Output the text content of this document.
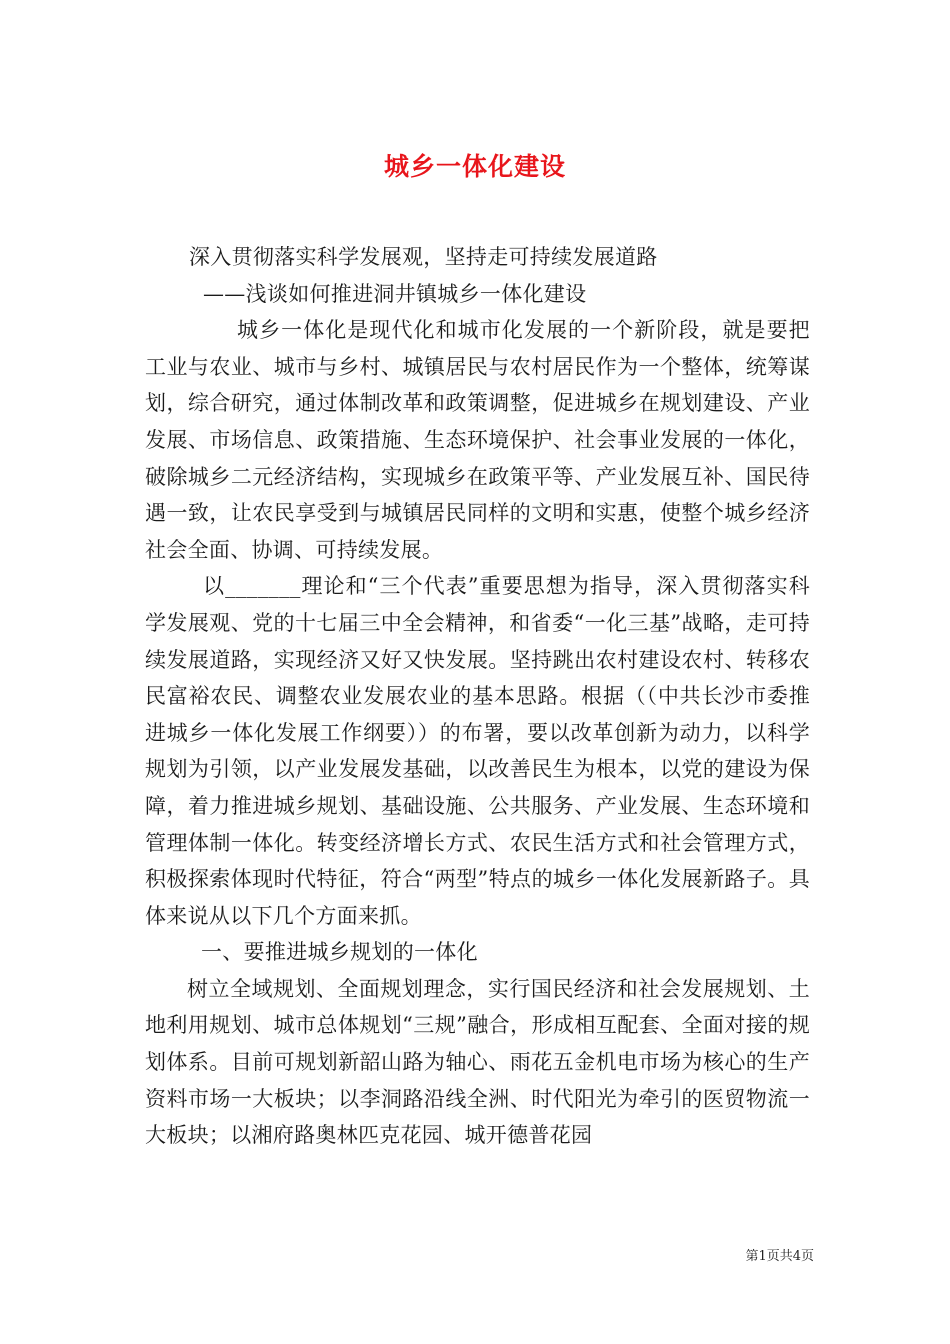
城乡一体化建设

深入贯彻落实科学发展观，坚持走可持续发展道路

——浅谈如何推进洞井镇城乡一体化建设

城乡一体化是现代化和城市化发展的一个新阶段，就是要把工业与农业、城市与乡村、城镇居民与农村居民作为一个整体，统筹谋划，综合研究，通过体制改革和政策调整，促进城乡在规划建设、产业发展、市场信息、政策措施、生态环境保护、社会事业发展的一体化，破除城乡二元经济结构，实现城乡在政策平等、产业发展互补、国民待遇一致，让农民享受到与城镇居民同样的文明和实惠，使整个城乡经济社会全面、协调、可持续发展。

以_______理论和“三个代表”重要思想为指导，深入贯彻落实科学发展观、党的十七届三中全会精神，和省委“一化三基”战略，走可持续发展道路，实现经济又好又快发展。坚持跳出农村建设农村、转移农民富裕农民、调整农业发展农业的基本思路。根据（（中共长沙市委推进城乡一体化发展工作纲要））的布署，要以改革创新为动力，以科学规划为引领，以产业发展发基础，以改善民生为根本，以党的建设为保障，着力推进城乡规划、基础设施、公共服务、产业发展、生态环境和管理体制一体化。转变经济增长方式、农民生活方式和社会管理方式，积极探索体现时代特征，符合“两型”特点的城乡一体化发展新路子。具体来说从以下几个方面来抓。

一、要推进城乡规划的一体化

树立全域规划、全面规划理念，实行国民经济和社会发展规划、土地利用规划、城市总体规划“三规”融合，形成相互配套、全面对接的规划体系。目前可规划新韶山路为轴心、雨花五金机电市场为核心的生产资料市场一大板块；以李洞路沿线全洲、时代阳光为牵引的医贸物流一大板块；以湘府路奥林匹克花园、城开德普花园

第1页共4页
